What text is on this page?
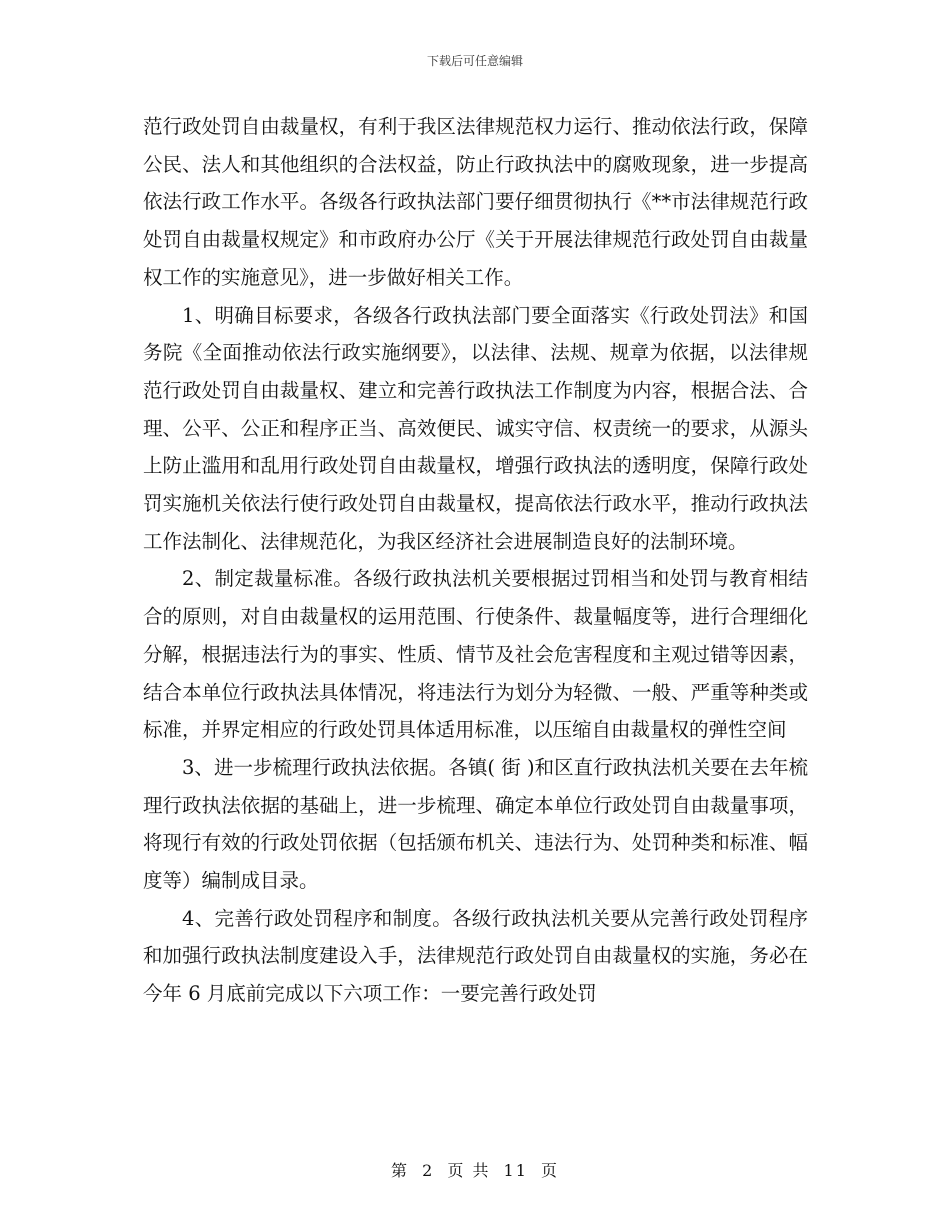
下载后可任意编辑

范行政处罚自由裁量权，有利于我区法律规范权力运行、推动依法行政，保障公民、法人和其他组织的合法权益，防止行政执法中的腐败现象，进一步提高依法行政工作水平。各级各行政执法部门要仔细贯彻执行《**市法律规范行政处罚自由裁量权规定》和市政府办公厅《关于开展法律规范行政处罚自由裁量权工作的实施意见》，进一步做好相关工作。

1、明确目标要求，各级各行政执法部门要全面落实《行政处罚法》和国务院《全面推动依法行政实施纲要》，以法律、法规、规章为依据，以法律规范行政处罚自由裁量权、建立和完善行政执法工作制度为内容，根据合法、合理、公平、公正和程序正当、高效便民、诚实守信、权责统一的要求，从源头上防止滥用和乱用行政处罚自由裁量权，增强行政执法的透明度，保障行政处罚实施机关依法行使行政处罚自由裁量权，提高依法行政水平，推动行政执法工作法制化、法律规范化，为我区经济社会进展制造良好的法制环境。

2、制定裁量标准。各级行政执法机关要根据过罚相当和处罚与教育相结合的原则，对自由裁量权的运用范围、行使条件、裁量幅度等，进行合理细化分解，根据违法行为的事实、性质、情节及社会危害程度和主观过错等因素，结合本单位行政执法具体情况，将违法行为划分为轻微、一般、严重等种类或标准，并界定相应的行政处罚具体适用标准，以压缩自由裁量权的弹性空间

3、进一步梳理行政执法依据。各镇( 街 )和区直行政执法机关要在去年梳理行政执法依据的基础上，进一步梳理、确定本单位行政处罚自由裁量事项，将现行有效的行政处罚依据（包括颁布机关、违法行为、处罚种类和标准、幅度等）编制成目录。

4、完善行政处罚程序和制度。各级行政执法机关要从完善行政处罚程序和加强行政执法制度建设入手，法律规范行政处罚自由裁量权的实施，务必在今年 6 月底前完成以下六项工作：一要完善行政处罚

第 2 页 共 11 页
